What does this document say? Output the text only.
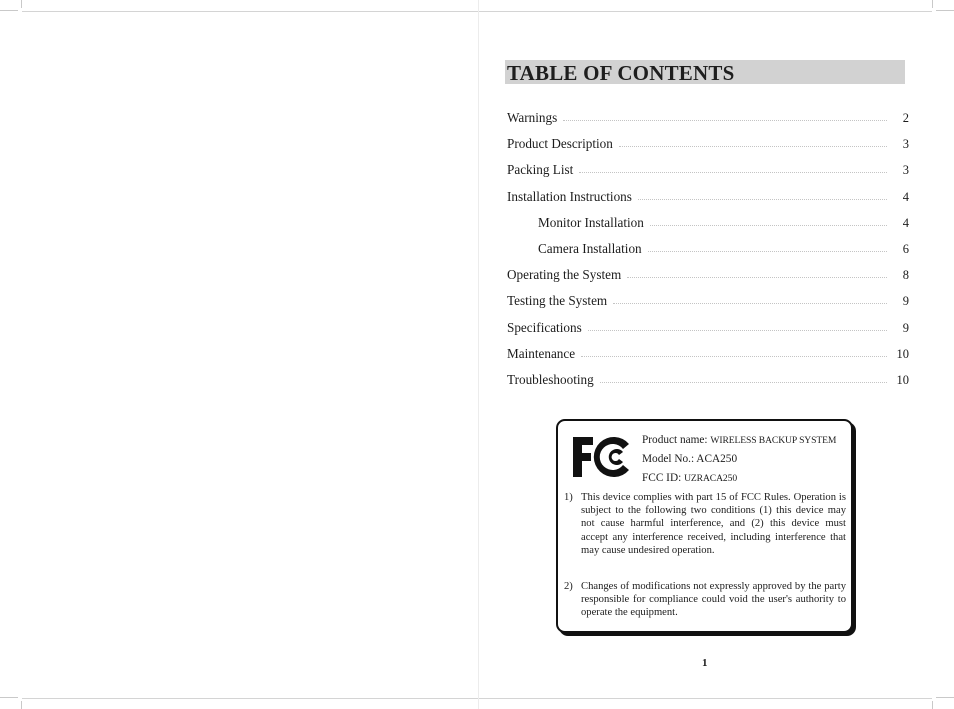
TABLE OF CONTENTS
Warnings	2
Product Description	3
Packing List	3
Installation Instructions	4
Monitor Installation	4
Camera Installation	6
Operating the System	8
Testing the System	9
Specifications	9
Maintenance	10
Troubleshooting	10
Product name: WIRELESS BACKUP SYSTEM
Model No.: ACA250
FCC ID: UZRACA250
1) This device complies with part 15 of FCC Rules. Operation is subject to the following two conditions (1) this device may not cause harmful interference, and (2) this device must accept any interference received, including interference that may cause undesired operation.
2) Changes of modifications not expressly approved by the party responsible for compliance could void the user's authority to operate the equipment.
1
